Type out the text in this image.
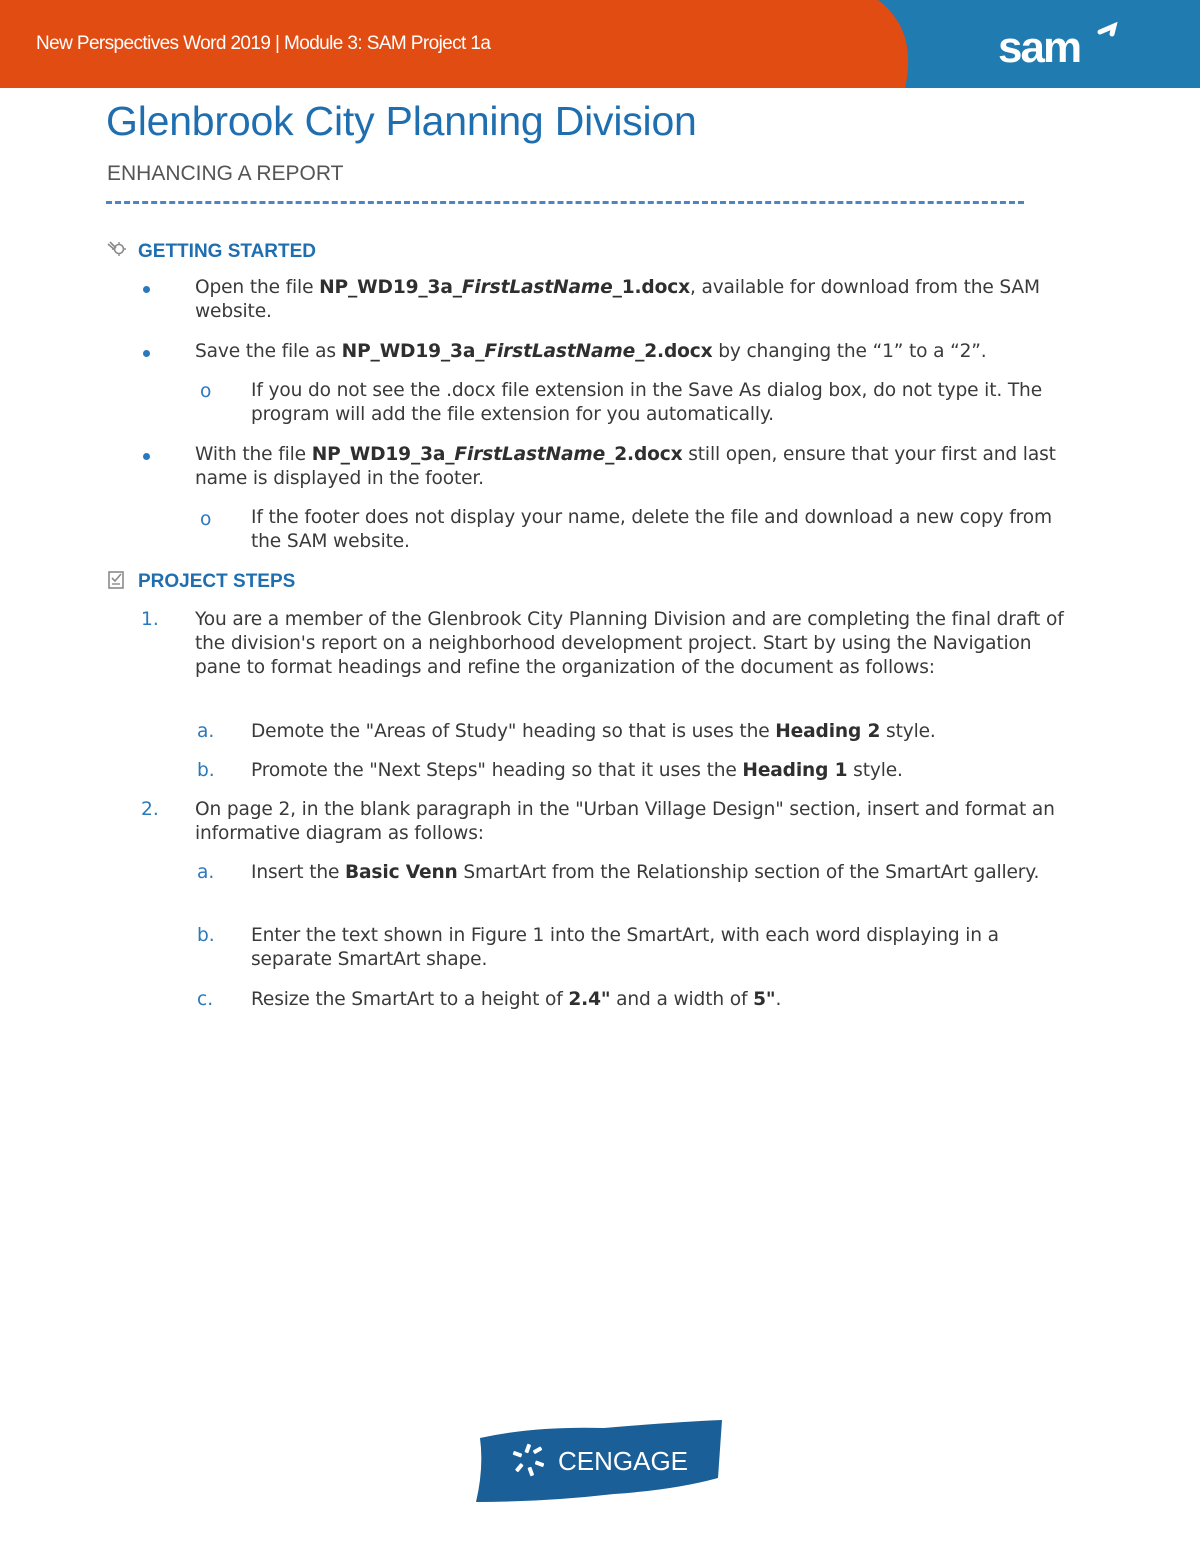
New Perspectives Word 2019 | Module 3: SAM Project 1a	sam
Glenbrook City Planning Division
ENHANCING A REPORT
GETTING STARTED
Open the file NP_WD19_3a_FirstLastName_1.docx, available for download from the SAM website.
Save the file as NP_WD19_3a_FirstLastName_2.docx by changing the “1” to a “2”.
o If you do not see the .docx file extension in the Save As dialog box, do not type it. The program will add the file extension for you automatically.
With the file NP_WD19_3a_FirstLastName_2.docx still open, ensure that your first and last name is displayed in the footer.
o If the footer does not display your name, delete the file and download a new copy from the SAM website.
PROJECT STEPS
1. You are a member of the Glenbrook City Planning Division and are completing the final draft of the division's report on a neighborhood development project. Start by using the Navigation pane to format headings and refine the organization of the document as follows:
a. Demote the "Areas of Study" heading so that is uses the Heading 2 style.
b. Promote the "Next Steps" heading so that it uses the Heading 1 style.
2. On page 2, in the blank paragraph in the "Urban Village Design" section, insert and format an informative diagram as follows:
a. Insert the Basic Venn SmartArt from the Relationship section of the SmartArt gallery.
b. Enter the text shown in Figure 1 into the SmartArt, with each word displaying in a separate SmartArt shape.
c. Resize the SmartArt to a height of 2.4" and a width of 5".
CENGAGE
